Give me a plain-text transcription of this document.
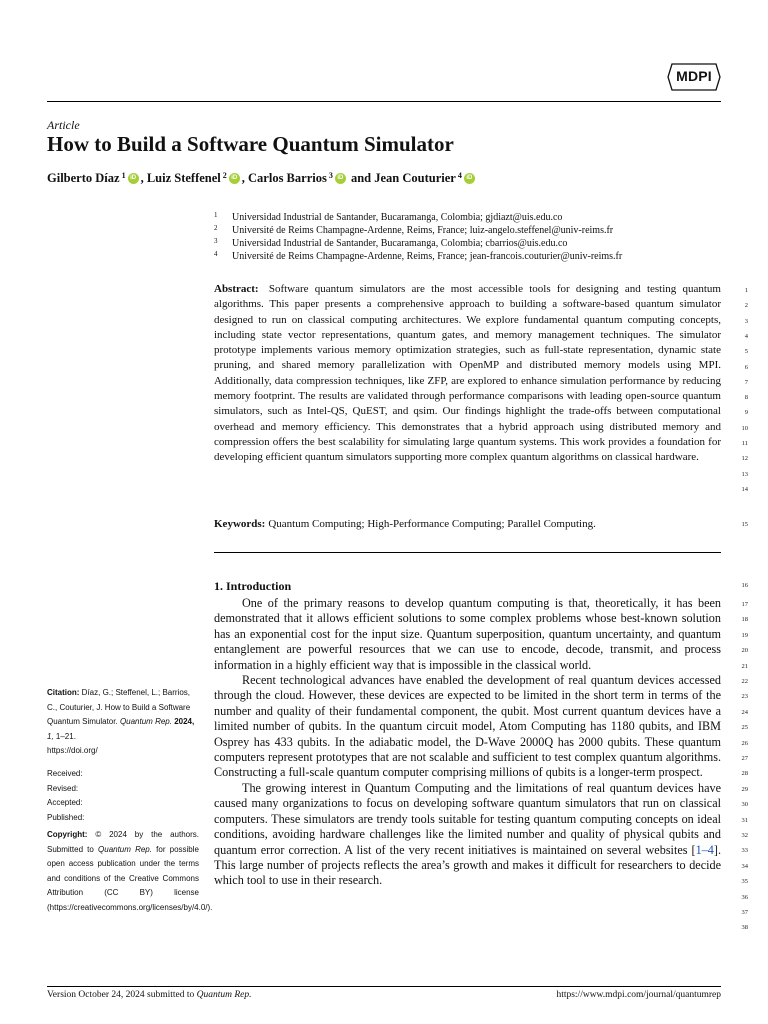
MDPI
Article
How to Build a Software Quantum Simulator
Gilberto Díaz $^1$ iD , Luiz Steffenel $^2$ iD , Carlos Barrios $^3$ iD and Jean Couturier $^4$ iD
1	Universidad Industrial de Santander, Bucaramanga, Colombia; gjdiazt@uis.edu.co
2	Université de Reims Champagne-Ardenne, Reims, France; luiz-angelo.steffenel@univ-reims.fr
3	Universidad Industrial de Santander, Bucaramanga, Colombia; cbarrios@uis.edu.co
4	Université de Reims Champagne-Ardenne, Reims, France; jean-francois.couturier@univ-reims.fr
Abstract: Software quantum simulators are the most accessible tools for designing and testing quantum algorithms. This paper presents a comprehensive approach to building a software-based quantum simulator designed to run on classical computing architectures. We explore fundamental quantum computing concepts, including state vector representations, quantum gates, and memory management techniques. The simulator prototype implements various memory optimization strategies, such as full-state representation, dynamic state pruning, and shared memory parallelization with OpenMP and distributed memory models using MPI. Additionally, data compression techniques, like ZFP, are explored to enhance simulation performance by reducing memory footprint. The results are validated through performance comparisons with leading open-source quantum simulators, such as Intel-QS, QuEST, and qsim. Our findings highlight the trade-offs between computational overhead and memory efficiency. This demonstrates that a hybrid approach using distributed memory and compression offers the best scalability for simulating large quantum systems. This work provides a foundation for developing efficient quantum simulators supporting more complex quantum algorithms on classical hardware.
Keywords: Quantum Computing; High-Performance Computing; Parallel Computing.
1. Introduction

One of the primary reasons to develop quantum computing is that, theoretically, it has been demonstrated that it allows efficient solutions to some complex problems whose best-known solution has an exponential cost for the input size. Quantum superposition, quantum uncertainty, and quantum entanglement are powerful resources that we can use to encode, decode, transmit, and process information in a highly efficient way that is impossible in the classical world.

Recent technological advances have enabled the development of real quantum devices accessed through the cloud. However, these devices are expected to be limited in the short term in terms of the number and quality of their fundamental component, the qubit. Most current quantum devices have a limited number of qubits. In the quantum circuit model, Atom Computing has 1180 qubits, and IBM Osprey has 433 qubits. In the adiabatic model, the D-Wave 2000Q has 2000 qubits. These quantum computers represent prototypes that are not scalable and sufficient to test complex quantum algorithms. Constructing a full-scale quantum computer comprising millions of qubits is a longer-term prospect.

The growing interest in Quantum Computing and the limitations of real quantum devices have caused many organizations to focus on developing software quantum simulators that run on classical computers. These simulators are trendy tools suitable for testing quantum computing concepts on ideal conditions, avoiding hardware challenges like the limited number and quality of physical qubits and quantum error correction. A list of the very recent initiatives is maintained on several websites [1–4]. This large number of projects reflects the area’s growth and makes it difficult for researchers to decide which tool to use in their research.

1
2
3
4
5
6
7
8
9
10
11
12
13
14
15
16
17
18
19
20
21
22
23
24
25
26
27
28
29
30
31
32
33
34
35
36
37
38
Citation: Díaz, G.; Steffenel, L.; Barrios, C., Couturier, J. How to Build a Software Quantum Simulator. Quantum Rep. 2024, 1, 1–21.
https://doi.org/
Received:
Revised:
Accepted:
Published:
Copyright: © 2024 by the authors. Submitted to Quantum Rep. for possible open access publication under the terms and conditions of the Creative Commons Attribution (CC BY) license (https://creativecommons.org/licenses/by/4.0/).
Version October 24, 2024 submitted to Quantum Rep.	https://www.mdpi.com/journal/quantumrep
